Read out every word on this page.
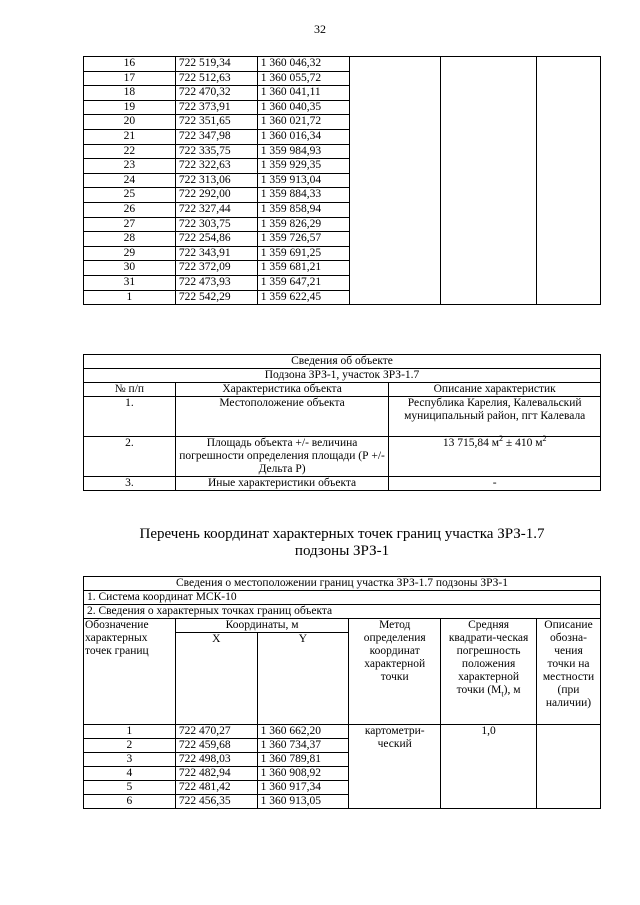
32
16	722 519,34	1 360 046,32			
17	722 512,63	1 360 055,72			
18	722 470,32	1 360 041,11			
19	722 373,91	1 360 040,35			
20	722 351,65	1 360 021,72			
21	722 347,98	1 360 016,34			
22	722 335,75	1 359 984,93			
23	722 322,63	1 359 929,35			
24	722 313,06	1 359 913,04			
25	722 292,00	1 359 884,33			
26	722 327,44	1 359 858,94			
27	722 303,75	1 359 826,29			
28	722 254,86	1 359 726,57			
29	722 343,91	1 359 691,25			
30	722 372,09	1 359 681,21			
31	722 473,93	1 359 647,21			
1	722 542,29	1 359 622,45			
Сведения об объекте		
Подзона ЗРЗ-1, участок ЗРЗ-1.7		
№ п/п	Характеристика объекта	Описание характеристик
1.	Местоположение объекта	Республика Карелия, Калевальский муниципальный район, пгт Калевала
2.	Площадь объекта +/- величина погрешности определения площади (Р +/- Дельта Р)	13 715,84 $м^2 \pm 410$ $м^2$
3.	Иные характеристики объекта	-
Перечень координат характерных точек границ участка ЗРЗ-1.7
подзоны ЗРЗ-1
Сведения о местоположении границ участка ЗРЗ-1.7 подзоны ЗРЗ-1					
1. Система координат МСК-10					
2. Сведения о характерных точках границ объекта					
Обозначение характерных точек границ	Координаты, м		Метод определения координат характерной точки	Средняя квадрати-ческая погрешность положения характерной точки $(M_t)$, м	Описание обозна-чения точки на местности (при наличии)
	X	Y			
1	722 470,27	1 360 662,20	картометри-ческий	1,0	
2	722 459,68	1 360 734,37			
3	722 498,03	1 360 789,81			
4	722 482,94	1 360 908,92			
5	722 481,42	1 360 917,34			
6	722 456,35	1 360 913,05			
